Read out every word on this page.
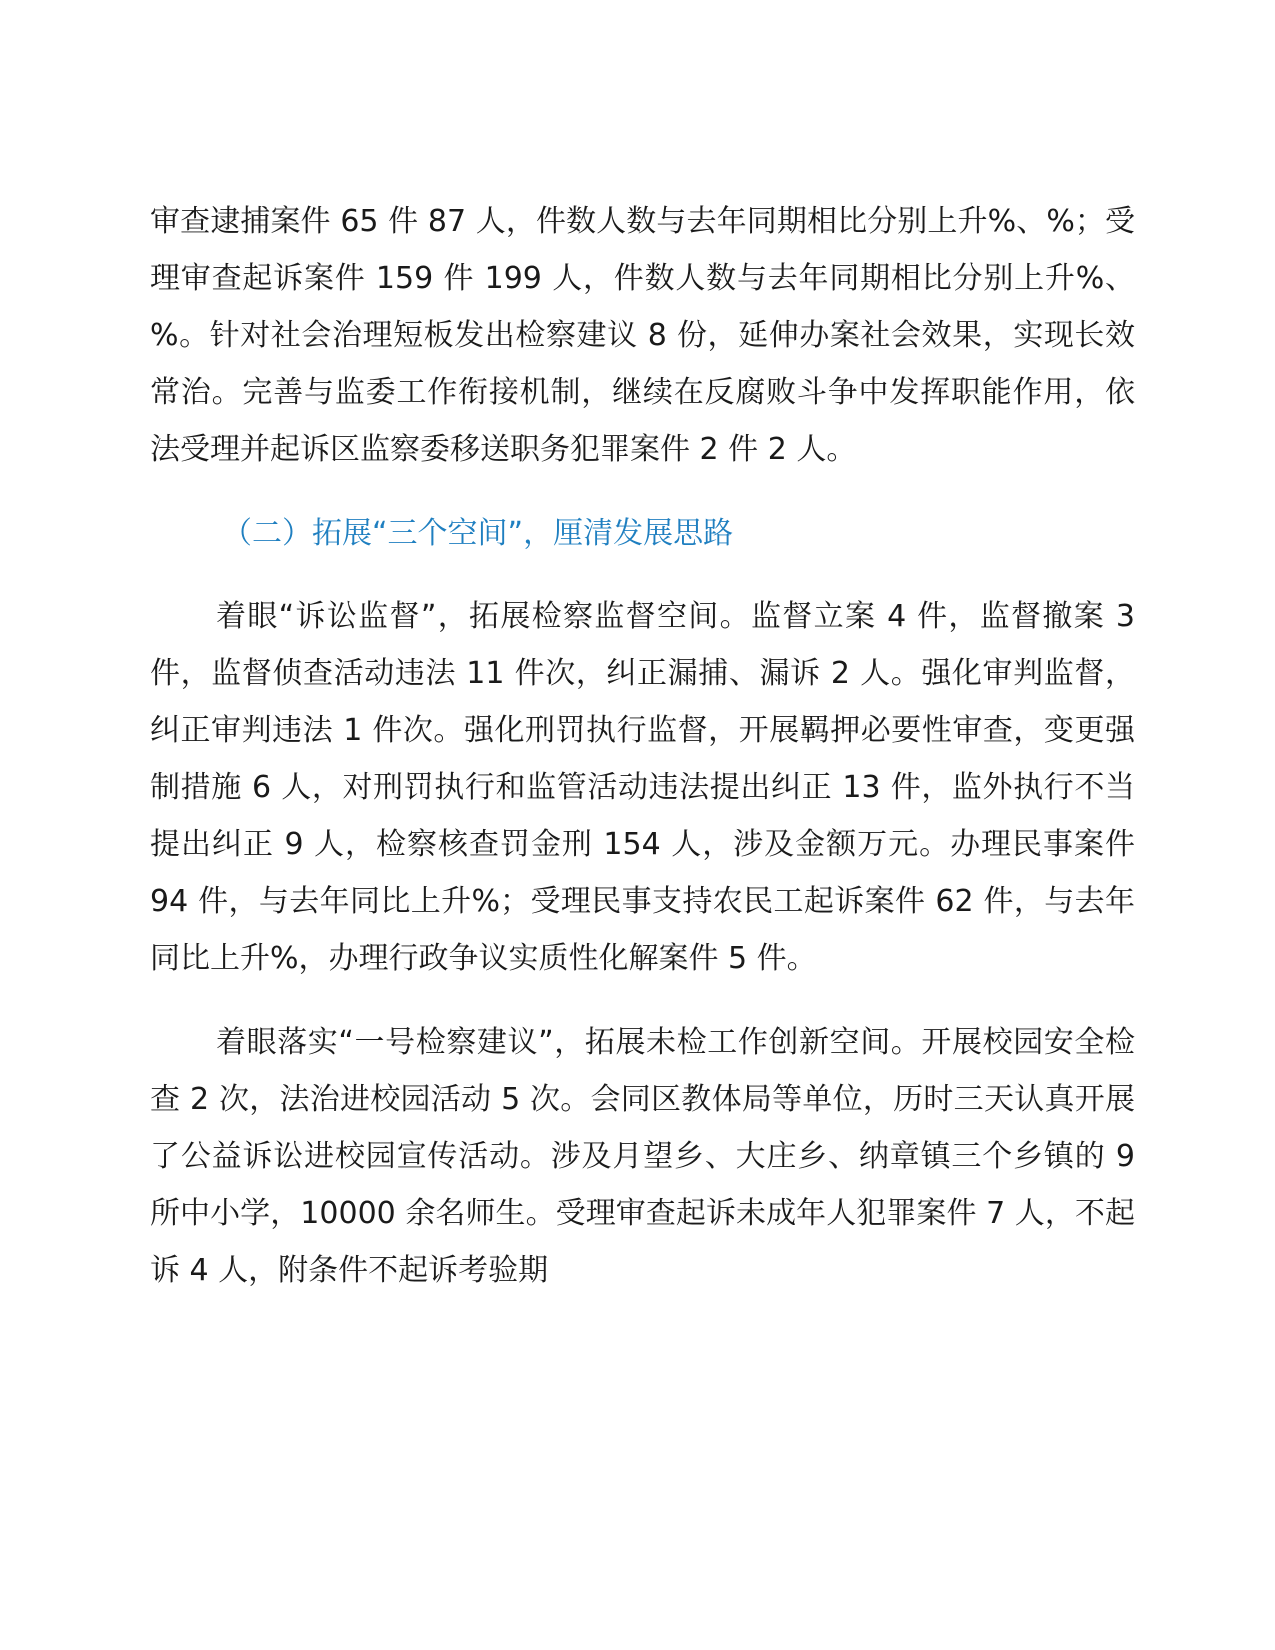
审查逮捕案件 65 件 87 人，件数人数与去年同期相比分别上升%、%；受理审查起诉案件 159 件 199 人，件数人数与去年同期相比分别上升%、%。针对社会治理短板发出检察建议 8 份，延伸办案社会效果，实现长效常治。完善与监委工作衔接机制，继续在反腐败斗争中发挥职能作用，依法受理并起诉区监察委移送职务犯罪案件 2 件 2 人。

（二）拓展“三个空间”，厘清发展思路

着眼“诉讼监督”，拓展检察监督空间。监督立案 4 件，监督撤案 3 件，监督侦查活动违法 11 件次，纠正漏捕、漏诉 2 人。强化审判监督，纠正审判违法 1 件次。强化刑罚执行监督，开展羁押必要性审查，变更强制措施 6 人，对刑罚执行和监管活动违法提出纠正 13 件，监外执行不当提出纠正 9 人，检察核查罚金刑 154 人，涉及金额万元。办理民事案件 94 件，与去年同比上升%；受理民事支持农民工起诉案件 62 件，与去年同比上升%，办理行政争议实质性化解案件 5 件。

着眼落实“一号检察建议”，拓展未检工作创新空间。开展校园安全检查 2 次，法治进校园活动 5 次。会同区教体局等单位，历时三天认真开展了公益诉讼进校园宣传活动。涉及月望乡、大庄乡、纳章镇三个乡镇的 9 所中小学，10000 余名师生。受理审查起诉未成年人犯罪案件 7 人，不起诉 4 人，附条件不起诉考验期
